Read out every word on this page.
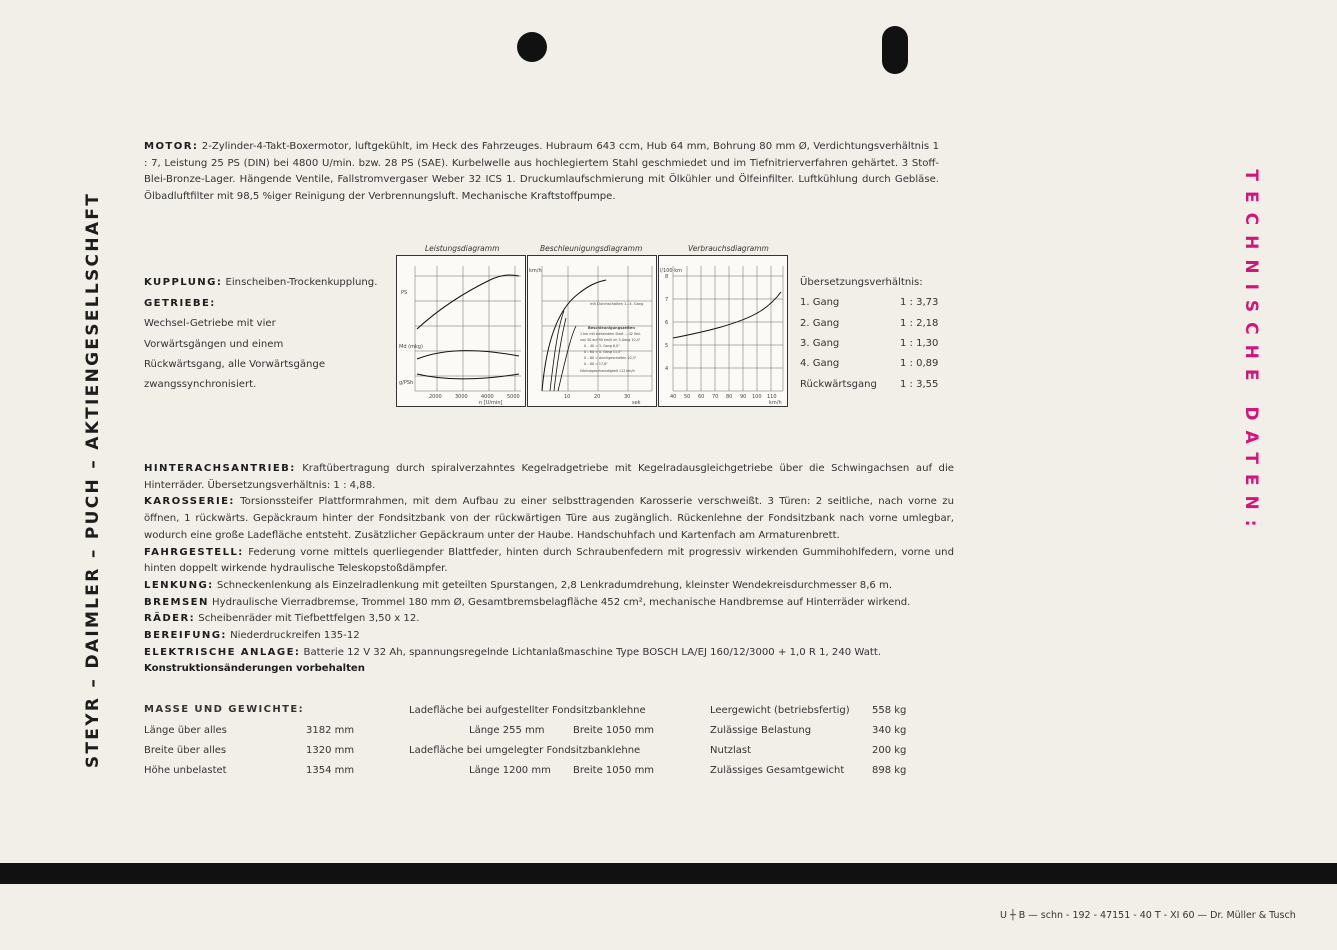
STEYR – DAIMLER – PUCH – AKTIENGESELLSCHAFT	TECHNISCHE DATEN:

MOTOR: 2-Zylinder-4-Takt-Boxermotor, luftgekühlt, im Heck des Fahrzeuges. Hubraum 643 ccm, Hub 64 mm, Bohrung 80 mm Ø, Verdichtungsverhältnis 1 : 7, Leistung 25 PS (DIN) bei 4800 U/min. bzw. 28 PS (SAE). Kurbelwelle aus hochlegiertem Stahl geschmiedet und im Tiefnitrierverfahren gehärtet. 3 Stoff-Blei-Bronze-Lager. Hängende Ventile, Fallstromvergaser Weber 32 ICS 1. Druckumlaufschmierung mit Ölkühler und Ölfeinfilter. Luftkühlung durch Gebläse. Ölbadluftfilter mit 98,5 %iger Reinigung der Verbrennungsluft. Mechanische Kraftstoffpumpe.
KUPPLUNG: Einscheiben-Trockenkupplung.
GETRIEBE:
Wechsel-Getriebe mit vier
Vorwärtsgängen und einem
Rückwärtsgang, alle Vorwärtsgänge
zwangssynchronisiert.
Leistungsdiagramm
PS
Md (mkg)
g/PSh
2000	3000	4000	5000
n [U/min]
Beschleunigungsdiagramm
km/h
10	20	30
sek
mit Durchschalten 1.–4. Gang
Beschleunigungszeiten
1 km mit stehendem Start ... 42 Sek.
von 50 auf 90 km/h im 3.Gang 10,4"
0 – 40 = 3. Gang 6,0"
0 – 60 = 4. Gang 11,5"
0 – 60 = durchgeschalten 10,3"
0 – 80 = 17,6"
Höchstgeschwindigkeit 112 km/h
Verbrauchsdiagramm
l/100 km
4
5
6
7
8
40 50 60 70 80 90 100 110
km/h
Übersetzungsverhältnis:
1. Gang	1 : 3,73
2. Gang	1 : 2,18
3. Gang	1 : 1,30
4. Gang	1 : 0,89
Rückwärtsgang 1 : 3,55
HINTERACHSANTRIEB: Kraftübertragung durch spiralverzahntes Kegelradgetriebe mit Kegelradausgleichgetriebe über die Schwingachsen auf die Hinterräder. Übersetzungsverhältnis: 1 : 4,88.
KAROSSERIE: Torsionssteifer Plattformrahmen, mit dem Aufbau zu einer selbsttragenden Karosserie verschweißt. 3 Türen: 2 seitliche, nach vorne zu öffnen, 1 rückwärts. Gepäckraum hinter der Fondsitzbank von der rückwärtigen Türe aus zugänglich. Rückenlehne der Fondsitzbank nach vorne umlegbar, wodurch eine große Ladefläche entsteht. Zusätzlicher Gepäckraum unter der Haube. Handschuhfach und Kartenfach am Armaturenbrett.
FAHRGESTELL: Federung vorne mittels querliegender Blattfeder, hinten durch Schraubenfedern mit progressiv wirkenden Gummihohlfedern, vorne und hinten doppelt wirkende hydraulische Teleskopstoßdämpfer.
LENKUNG: Schneckenlenkung als Einzelradlenkung mit geteilten Spurstangen, 2,8 Lenkradumdrehung, kleinster Wendekreisdurchmesser 8,6 m.
BREMSEN Hydraulische Vierradbremse, Trommel 180 mm Ø, Gesamtbremsbelagfläche 452 cm², mechanische Handbremse auf Hinterräder wirkend.
RÄDER: Scheibenräder mit Tiefbettfelgen 3,50 x 12.
BEREIFUNG: Niederdruckreifen 135-12
ELEKTRISCHE ANLAGE: Batterie 12 V 32 Ah, spannungsregelnde Lichtanlaßmaschine Type BOSCH LA/EJ 160/12/3000 + 1,0 R 1, 240 Watt.
Konstruktionsänderungen vorbehalten
MASSE UND GEWICHTE:
Länge über alles	3182 mm
Breite über alles	1320 mm
Höhe unbelastet	1354 mm
Ladefläche bei aufgestellter Fondsitzbanklehne
Länge 255 mm	Breite 1050 mm
Ladefläche bei umgelegter Fondsitzbanklehne
Länge 1200 mm Breite 1050 mm
Leergewicht (betriebsfertig) 558 kg
Zulässige Belastung	340 kg
Nutzlast	200 kg
Zulässiges Gesamtgewicht	898 kg
U ┼ B — schn - 192 - 47151 - 40 T - XI 60 — Dr. Müller & Tusch
